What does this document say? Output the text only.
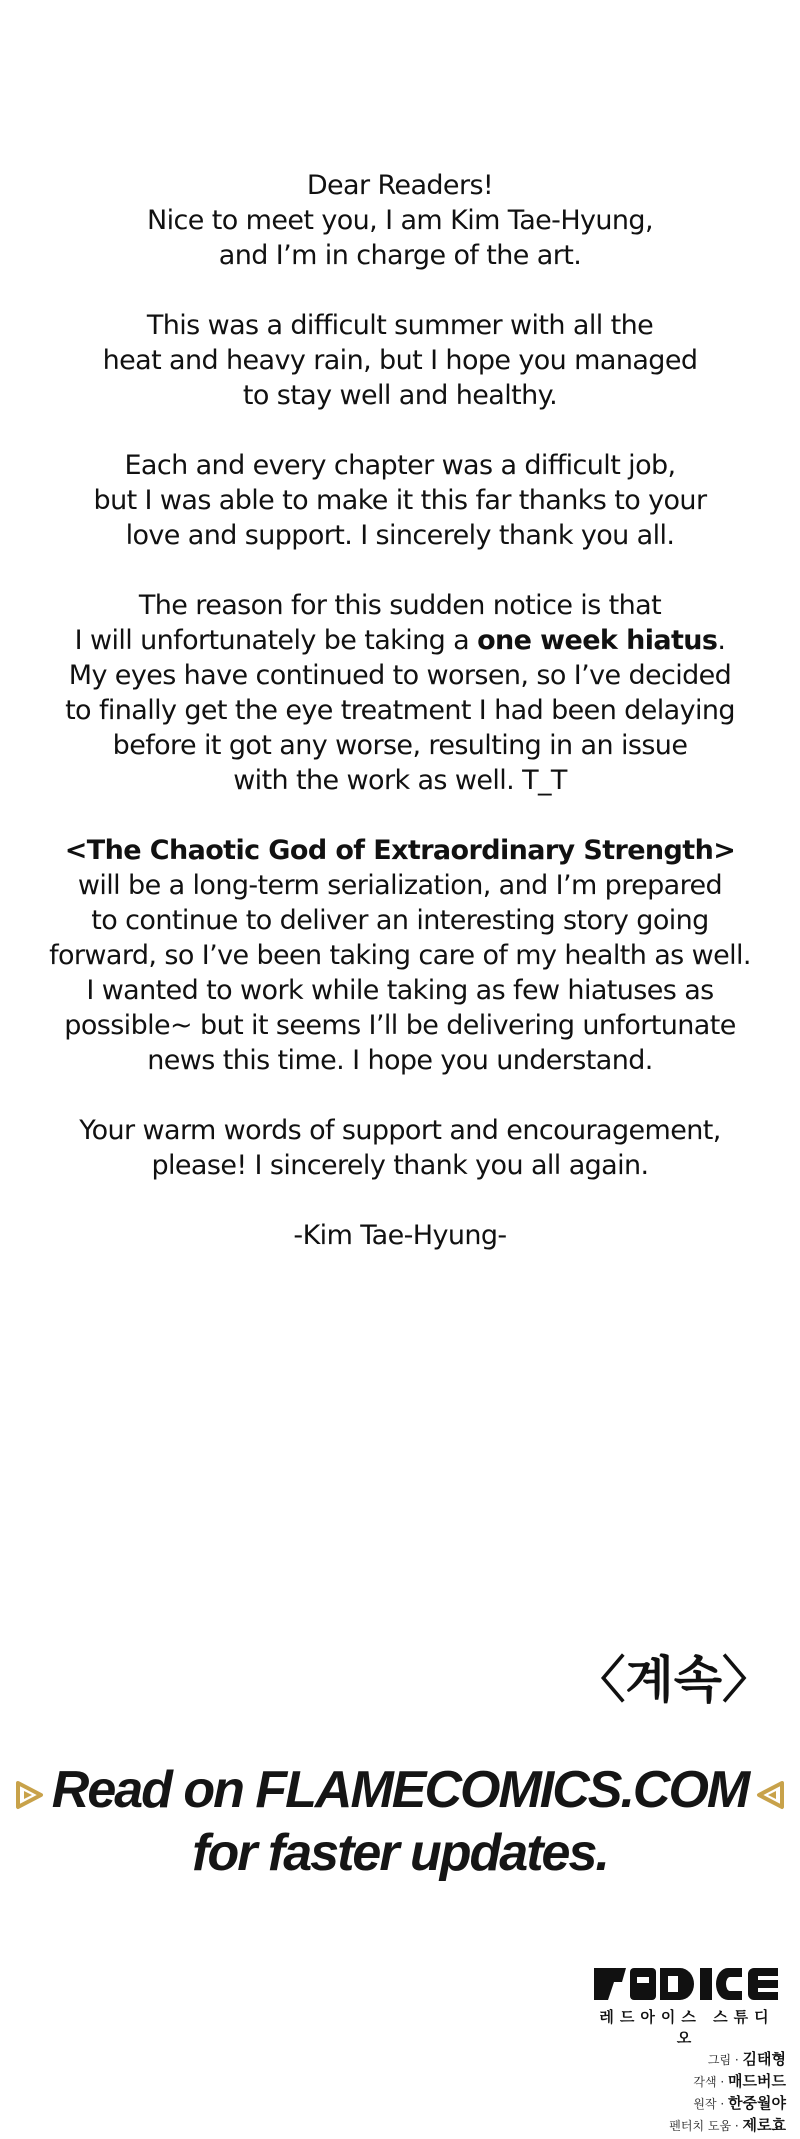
Dear Readers!
Nice to meet you, I am Kim Tae-Hyung,
and I’m in charge of the art.
This was a difficult summer with all the
heat and heavy rain, but I hope you managed
to stay well and healthy.
Each and every chapter was a difficult job,
but I was able to make it this far thanks to your
love and support. I sincerely thank you all.
The reason for this sudden notice is that
I will unfortunately be taking a one week hiatus.
My eyes have continued to worsen, so I’ve decided
to finally get the eye treatment I had been delaying
before it got any worse, resulting in an issue
with the work as well. T_T
<The Chaotic God of Extraordinary Strength>
will be a long-term serialization, and I’m prepared
to continue to deliver an interesting story going
forward, so I’ve been taking care of my health as well.
I wanted to work while taking as few hiatuses as
possible~ but it seems I’ll be delivering unfortunate
news this time. I hope you understand.
Your warm words of support and encouragement,
please! I sincerely thank you all again.
-Kim Tae-Hyung-
〈계속〉
Read on FLAMECOMICS.COM
for faster updates.
레드아이스 스튜디오
그림 · 김태형
각색 · 매드버드
원작 · 한중월야
펜터치 도움 · 제로효
